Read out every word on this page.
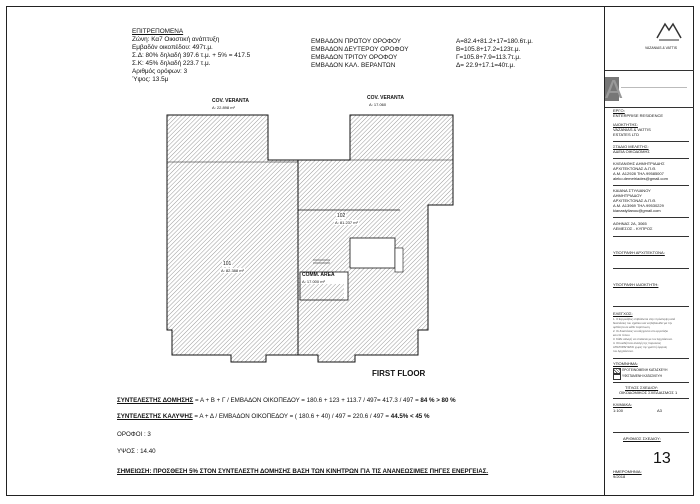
ΕΠΙΤΡΕΠΟΜΕΝΑ
Ζώνη: Κα7 Οικιστική ανάπτυξη
Εμβαδόν οικοπέδου: 497τ.μ.
Σ.Δ: 80% δηλαδή 397.6 τ.μ. + 5% = 417.5
Σ.Κ: 45% δηλαδή 223.7 τ.μ.
Αριθμός ορόφων: 3
Ύψος: 13.5μ
ΕΜΒΑΔΟΝ ΠΡΩΤΟΥ ΟΡΟΦΟΥ	Α=82.4+81.2+17=180.6τ.μ.
ΕΜΒΑΔΟΝ ΔΕΥΤΕΡΟΥ ΟΡΟΦΟΥ	Β=105.8+17.2=123τ.μ.
ΕΜΒΑΔΟΝ ΤΡΙΤΟΥ ΟΡΟΦΟΥ	Γ=105.8+7.9=113.7τ.μ.
ΕΜΒΑΔΟΝ ΚΑΛ. ΒΕΡΑΝΤΩΝ	Δ= 22.9+17.1=40τ.μ.
COV. VERANTA
A: 22.898 m²
COV. VERANTA
A: 17.060
102
A: 81.237 m²
101
A: 82.388 m²
COMM. AREA
A: 17.000 m²
FIRST FLOOR
ΣΥΝΤΕΛΕΣΤΗΣ ΔΟΜΗΣΗΣ = Α + Β + Γ / ΕΜΒΑΔΟΝ ΟΙΚΟΠΕΔΟΥ = 180.6 + 123 + 113.7 / 497= 417.3 / 497 = 84 % > 80 %
ΣΥΝΤΕΛΕΣΤΗΣ ΚΑΛΥΨΗΣ = Α + Δ / ΕΜΒΑΔΟΝ ΟΙΚΟΠΕΔΟΥ = ( 180.6 + 40) / 497 = 220.6 / 497 = 44.5% < 45 %
ΟΡΟΦΟΙ : 3
ΥΨΟΣ : 14.40
ΣΗΜΕΙΩΣΗ: ΠΡΟΣΘΕΣΗ 5% ΣΤΟΝ ΣΥΝΤΕΛΕΣΤΗ ΔΟΜΗΣΗΣ ΒΑΣΗ ΤΩΝ ΚΙΝΗΤΡΩΝ ΓΙΑ ΤΙΣ ΑΝΑΝΕΩΣΙΜΕΣ ΠΗΓΕΣ ΕΝΕΡΓΕΙΑΣ.
VAZANIAS & VATTIS
A
ΕΡΓΟ:
ENTERPRISE RESIDENCE
ΙΔΙΟΚΤΗΤΗΣ:
VAZANIAS & VATTIS
ESTATES LTD
ΣΤΑΔΙΟ ΜΕΛΕΤΗΣ:
ΑΔΕΙΑ ΟΙΚΟΔΟΜΗΣ
ΚΛΕΑΝΘΗΣ ΔΗΜΗΤΡΙΑΔΗΣ
ΑΡΧΙΤΕΚΤΟΝΑΣ Α.Π.Θ.
Α.Μ. Α12928 ΤΗΛ.99585007
aleko.demetriades@gmail.com
ΚΑΙΑΝΑ ΣΤΥΛΙΑΝΟΥ
ΔΗΜΗΤΡΙΑΔΟΥ
ΑΡΧΙΤΕΚΤΟΝΑΣ Α.Π.Θ.
Α.Μ. Α13969 ΤΗΛ.99530229
kianastylianou@gmail.com
ΑΘΗΝΑΣ 2Α, 3065
ΛΕΜΕΣΟΣ - ΚΥΠΡΟΣ
ΥΠΟΓΡΑΦΗ ΑΡΧΙΤΕΚΤΟΝΑ:
ΥΠΟΓΡΑΦΗ ΙΔΙΟΚΤΗΤΗ:
ΕΛΕΓΧΟΣ:
1. Ο Εργολάβος επιβάλλεται στην πρόσληψη κατά
διαστάσεις του σχεδίου και να βεβαιωθεί για την
ορθότητα σε κάθε περίπτωση.
2. Οι διαστάσεις να ελέγχονται στο εργοτάξιο
και επί τόπου.
3. Κάθε αλλαγή να επιλύεται με τον Αρχιτέκτονα.
4. Οποιαδήποτε αλλαγή της παρούσας
ΑΠΑΓΟΡΕΥΕΤΑΙ χωρίς την γραπτή έγκριση
του Αρχιτέκτονα.
ΥΠΟΜΝΗΜΑ:
ΠΡΟΤΕΙΝΟΜΕΝΗ ΚΑΤΑΣΚΕΥΗ
ΥΦΙΣΤΑΜΕΝΗ ΚΑΤΑΣΚΕΥΗ
ΤΙΤΛΟΣ ΣΧΕΔΙΟΥ:
ΟΙΚΟΔΟΜΙΚΟΣ ΣΧΕΔΙΑΣΜΟΣ 1
ΚΛΙΜΑΚΑ:
1:100	A3
ΑΡΙΘΜΟΣ ΣΧΕΔΙΟΥ:
13
ΗΜΕΡΟΜΗΝΙΑ:
9/2018
